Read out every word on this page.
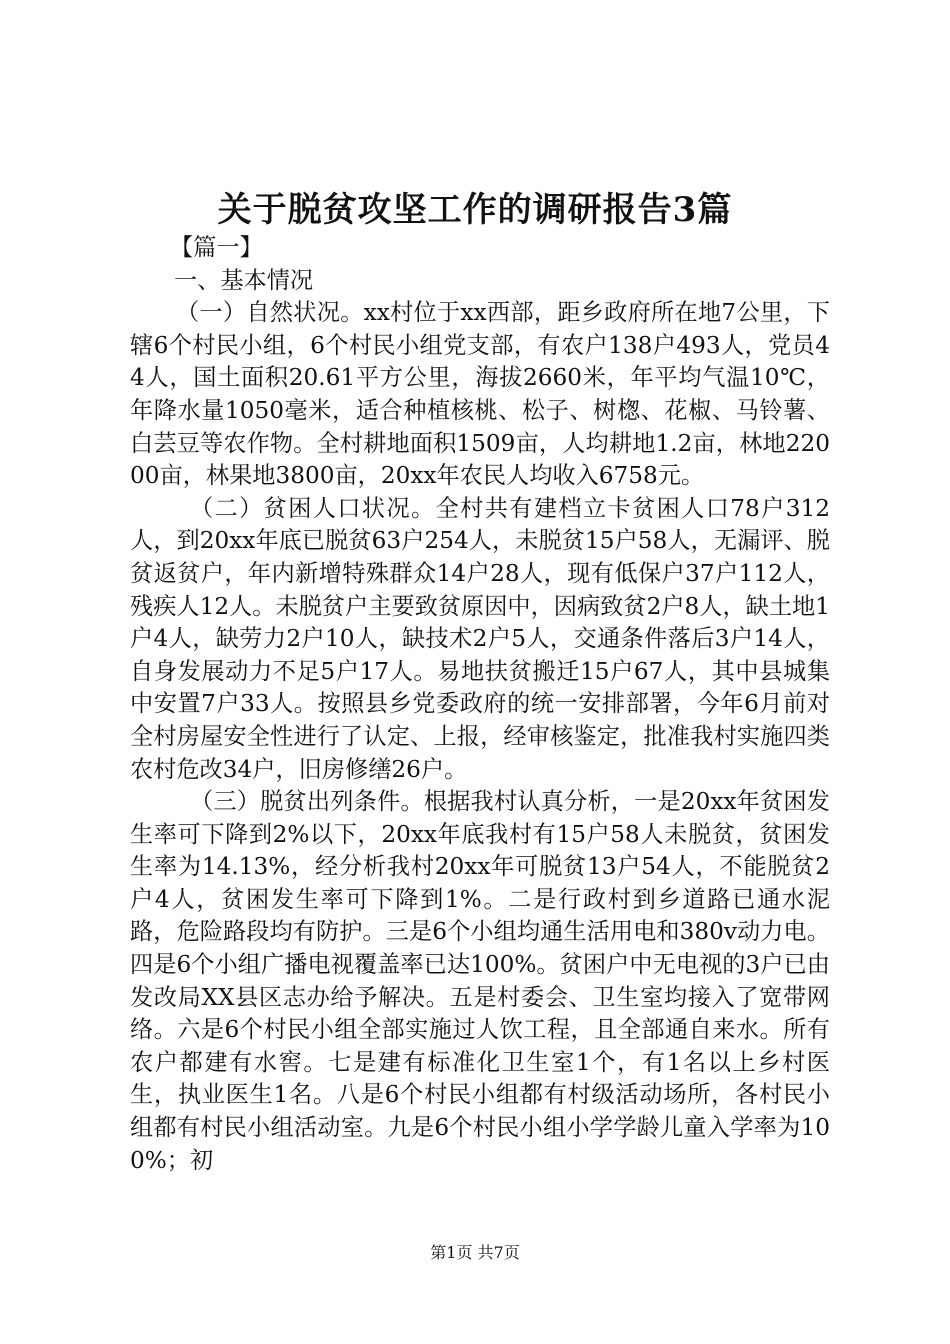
关于脱贫攻坚工作的调研报告3篇

【篇一】

一、基本情况

（一）自然状况。xx村位于xx西部，距乡政府所在地7公里，下辖6个村民小组，6个村民小组党支部，有农户138户493人，党员44人，国土面积20.61平方公里，海拔2660米，年平均气温10℃，年降水量1050毫米，适合种植核桃、松子、树楤、花椒、马铃薯、白芸豆等农作物。全村耕地面积1509亩，人均耕地1.2亩，林地22000亩，林果地3800亩，20xx年农民人均收入6758元。

（二）贫困人口状况。全村共有建档立卡贫困人口78户312人，到20xx年底已脱贫63户254人，未脱贫15户58人，无漏评、脱贫返贫户，年内新增特殊群众14户28人，现有低保户37户112人，残疾人12人。未脱贫户主要致贫原因中，因病致贫2户8人，缺土地1户4人，缺劳力2户10人，缺技术2户5人，交通条件落后3户14人，自身发展动力不足5户17人。易地扶贫搬迁15户67人，其中县城集中安置7户33人。按照县乡党委政府的统一安排部署，今年6月前对全村房屋安全性进行了认定、上报，经审核鉴定，批准我村实施四类农村危改34户，旧房修缮26户。

（三）脱贫出列条件。根据我村认真分析，一是20xx年贫困发生率可下降到2%以下，20xx年底我村有15户58人未脱贫，贫困发生率为14.13%，经分析我村20xx年可脱贫13户54人，不能脱贫2户4人，贫困发生率可下降到1%。二是行政村到乡道路已通水泥路，危险路段均有防护。三是6个小组均通生活用电和380v动力电。四是6个小组广播电视覆盖率已达100%。贫困户中无电视的3户已由发改局XX县区志办给予解决。五是村委会、卫生室均接入了宽带网络。六是6个村民小组全部实施过人饮工程，且全部通自来水。所有农户都建有水窖。七是建有标准化卫生室1个，有1名以上乡村医生，执业医生1名。八是6个村民小组都有村级活动场所，各村民小组都有村民小组活动室。九是6个村民小组小学学龄儿童入学率为100%；初

第1页 共7页
